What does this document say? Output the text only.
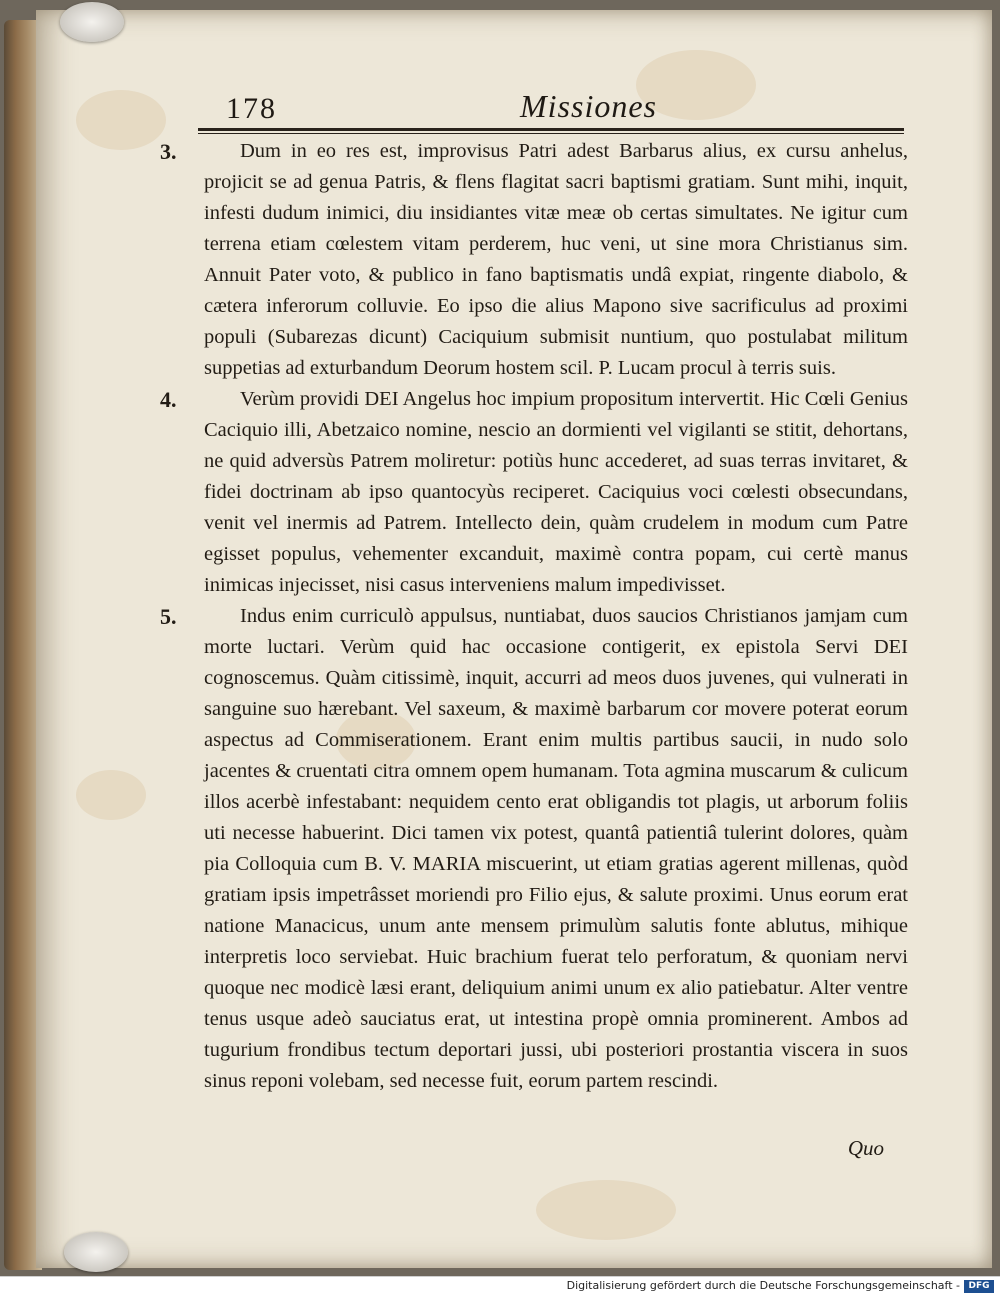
178	Missiones
3.	Dum in eo res est, improvisus Patri adest Barbarus alius, ex cursu anhelus, projicit se ad genua Patris, & flens flagitat sacri baptismi gratiam. Sunt mihi, inquit, infesti dudum inimici, diu insidiantes vitæ meæ ob certas simultates. Ne igitur cum terrena etiam cœlestem vitam perderem, huc veni, ut sine mora Christianus sim. Annuit Pater voto, & publico in fano baptismatis undâ expiat, ringente diabolo, & cætera inferorum colluvie. Eo ipso die alius Mapono sive sacrificulus ad proximi populi (Subarezas dicunt) Caciquium submisit nuntium, quo postulabat militum suppetias ad exturbandum Deorum hostem scil. P. Lucam procul à terris suis.

4.	Verùm providi DEI Angelus hoc impium propositum intervertit. Hic Cœli Genius Caciquio illi, Abetzaico nomine, nescio an dormienti vel vigilanti se stitit, dehortans, ne quid adversùs Patrem moliretur: potiùs hunc accederet, ad suas terras invitaret, & fidei doctrinam ab ipso quantocyùs reciperet. Caciquius voci cœlesti obsecundans, venit vel inermis ad Patrem. Intellecto dein, quàm crudelem in modum cum Patre egisset populus, vehementer excanduit, maximè contra popam, cui certè manus inimicas injecisset, nisi casus interveniens malum impedivisset.

5.	Indus enim curriculò appulsus, nuntiabat, duos saucios Christianos jamjam cum morte luctari. Verùm quid hac occasione contigerit, ex epistola Servi DEI cognoscemus. Quàm citissimè, inquit, accurri ad meos duos juvenes, qui vulnerati in sanguine suo hærebant. Vel saxeum, & maximè barbarum cor movere poterat eorum aspectus ad Commiserationem. Erant enim multis partibus saucii, in nudo solo jacentes & cruentati citra omnem opem humanam. Tota agmina muscarum & culicum illos acerbè infestabant: nequidem cento erat obligandis tot plagis, ut arborum foliis uti necesse habuerint. Dici tamen vix potest, quantâ patientiâ tulerint dolores, quàm pia Colloquia cum B. V. MARIA miscuerint, ut etiam gratias agerent millenas, quòd gratiam ipsis impetrâsset moriendi pro Filio ejus, & salute proximi. Unus eorum erat natione Manacicus, unum ante mensem primulùm salutis fonte ablutus, mihique interpretis loco serviebat. Huic brachium fuerat telo perforatum, & quoniam nervi quoque nec modicè læsi erant, deliquium animi unum ex alio patiebatur. Alter ventre tenus usque adeò sauciatus erat, ut intestina propè omnia prominerent. Ambos ad tugurium frondibus tectum deportari jussi, ubi posteriori prostantia viscera in suos sinus reponi volebam, sed necesse fuit, eorum partem rescindi.

Quo
Digitalisierung gefördert durch die Deutsche Forschungsgemeinschaft - DFG
